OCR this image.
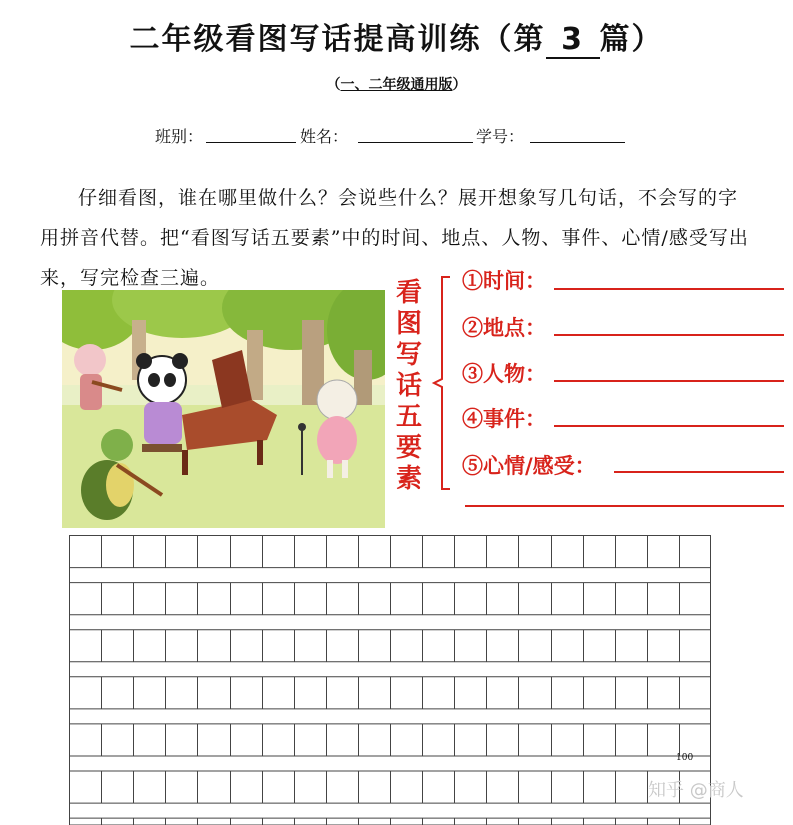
二年级看图写话提高训练（第 3 篇）
（一、二年级通用版）
班别：	姓名：	学号：

仔细看图，谁在哪里做什么？会说些什么？展开想象写几句话，不会写的字用拼音代替。把“看图写话五要素”中的时间、地点、人物、事件、心情/感受写出来，写完检查三遍。	看
图
写
话
五
要
素
①时间：
②地点：
③人物：
④事件：
⑤心情/感受：
100
知乎 @商人
